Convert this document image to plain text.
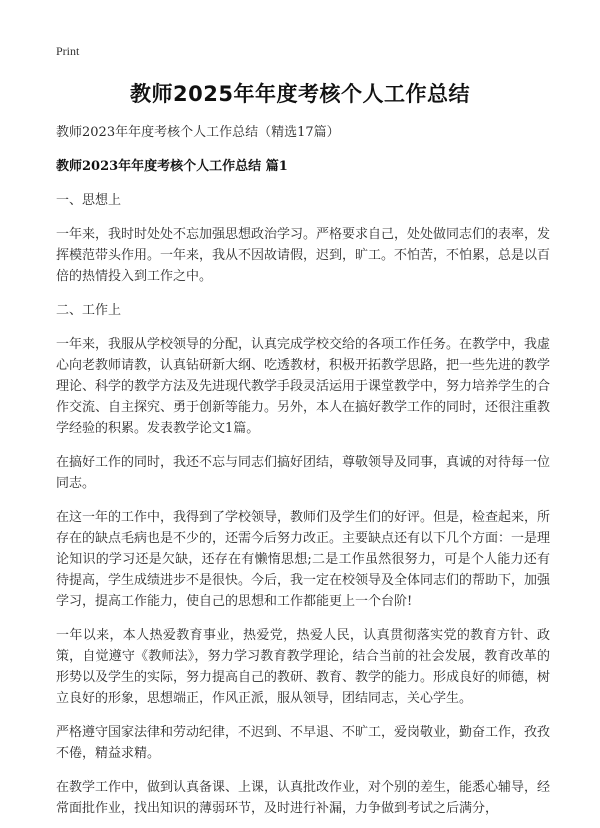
Print
教师2025年年度考核个人工作总结

教师2023年年度考核个人工作总结（精选17篇）

教师2023年年度考核个人工作总结 篇1

一、思想上

一年来，我时时处处不忘加强思想政治学习。严格要求自己，处处做同志们的表率，发挥模范带头作用。一年来，我从不因故请假，迟到，旷工。不怕苦，不怕累，总是以百倍的热情投入到工作之中。

二、工作上

一年来，我服从学校领导的分配，认真完成学校交给的各项工作任务。在教学中，我虚心向老教师请教，认真钻研新大纲、吃透教材，积极开拓教学思路，把一些先进的教学理论、科学的教学方法及先进现代教学手段灵活运用于课堂教学中，努力培养学生的合作交流、自主探究、勇于创新等能力。另外，本人在搞好教学工作的同时，还很注重教学经验的积累。发表教学论文1篇。

在搞好工作的同时，我还不忘与同志们搞好团结，尊敬领导及同事，真诚的对待每一位同志。

在这一年的工作中，我得到了学校领导，教师们及学生们的好评。但是，检查起来，所存在的缺点毛病也是不少的，还需今后努力改正。主要缺点还有以下几个方面：一是理论知识的学习还是欠缺，还存在有懒惰思想;二是工作虽然很努力，可是个人能力还有待提高，学生成绩进步不是很快。今后，我一定在校领导及全体同志们的帮助下，加强学习，提高工作能力，使自己的思想和工作都能更上一个台阶!

一年以来，本人热爱教育事业，热爱党，热爱人民，认真贯彻落实党的教育方针、政策，自觉遵守《教师法》，努力学习教育教学理论，结合当前的社会发展，教育改革的形势以及学生的实际，努力提高自己的教研、教育、教学的能力。形成良好的师德，树立良好的形象，思想端正，作风正派，服从领导，团结同志，关心学生。

严格遵守国家法律和劳动纪律，不迟到、不早退、不旷工，爱岗敬业，勤奋工作，孜孜不倦，精益求精。

在教学工作中，做到认真备课、上课，认真批改作业，对个别的差生，能悉心辅导，经常面批作业，找出知识的薄弱环节，及时进行补漏，力争做到考试之后满分，
